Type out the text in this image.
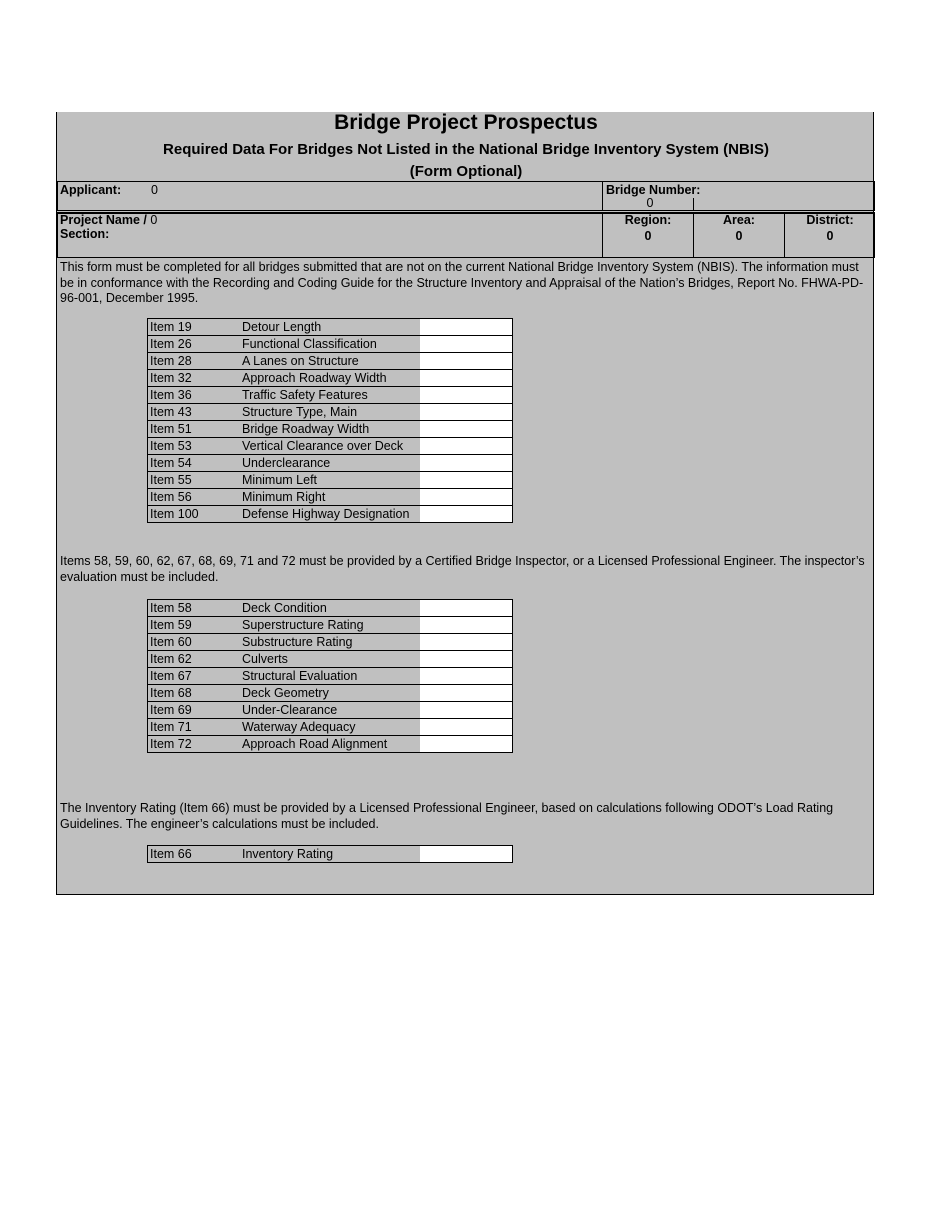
Bridge Project Prospectus
Required Data For Bridges Not Listed in the National Bridge Inventory System (NBIS)
(Form Optional)
Applicant: 0	Bridge Number:
0
Project Name / 0
Section:
Region:
0
Area:
0
District:
0
This form must be completed for all bridges submitted that are not on the current National Bridge Inventory System (NBIS). The information must be in conformance with the Recording and Coding Guide for the Structure Inventory and Appraisal of the Nation’s Bridges, Report No. FHWA-PD-96-001, December 1995.
Item 19	Detour Length	
Item 26	Functional Classification	
Item 28	A Lanes on Structure	
Item 32	Approach Roadway Width	
Item 36	Traffic Safety Features	
Item 43	Structure Type, Main	
Item 51	Bridge Roadway Width	
Item 53	Vertical Clearance over Deck	
Item 54	Underclearance	
Item 55	Minimum Left	
Item 56	Minimum Right	
Item 100	Defense Highway Designation	
Items 58, 59, 60, 62, 67, 68, 69, 71 and 72 must be provided by a Certified Bridge Inspector, or a Licensed Professional Engineer. The inspector’s evaluation must be included.
Item 58	Deck Condition	
Item 59	Superstructure Rating	
Item 60	Substructure Rating	
Item 62	Culverts	
Item 67	Structural Evaluation	
Item 68	Deck Geometry	
Item 69	Under-Clearance	
Item 71	Waterway Adequacy	
Item 72	Approach Road Alignment	
The Inventory Rating (Item 66) must be provided by a Licensed Professional Engineer, based on calculations following ODOT’s Load Rating Guidelines. The engineer’s calculations must be included.
Item 66	Inventory Rating	
